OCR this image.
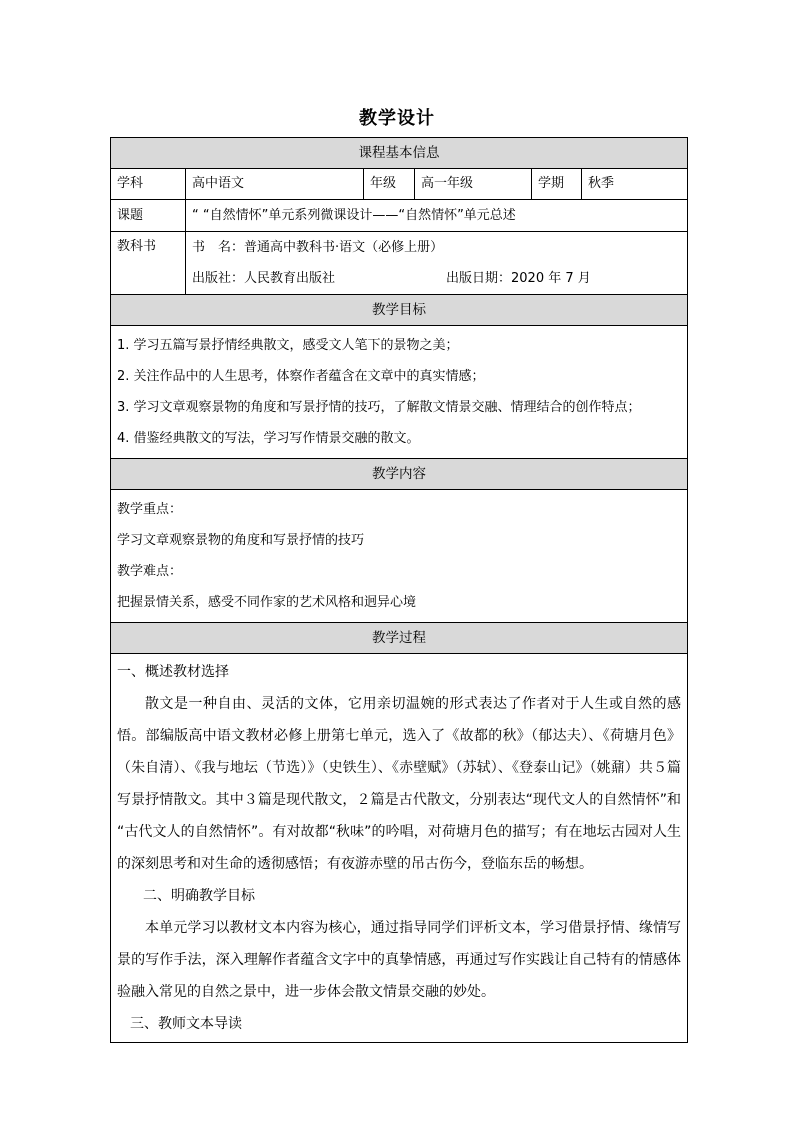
教学设计
课程基本信息					
学科	高中语文	年级	高一年级	学期	秋季
课题	“ “自然情怀”单元系列微课设计——“自然情怀”单元总述				
教科书	书　名：普通高中教科书·语文（必修上册）
出版社：人民教育出版社 出版日期：2020 年 7 月				

教学目标					

1. 学习五篇写景抒情经典散文，感受文人笔下的景物之美；
2. 关注作品中的人生思考，体察作者蕴含在文章中的真实情感；
3. 学习文章观察景物的角度和写景抒情的技巧，了解散文情景交融、情理结合的创作特点；
4. 借鉴经典散文的写法，学习写作情景交融的散文。					

教学内容					

教学重点：
学习文章观察景物的角度和写景抒情的技巧
教学难点：
把握景情关系，感受不同作家的艺术风格和迥异心境					

教学过程					

一、概述教材选择
散文是一种自由、灵活的文体，它用亲切温婉的形式表达了作者对于人生或自然的感悟。部编版高中语文教材必修上册第七单元，选入了《故都的秋》（郁达夫）、《荷塘月色》（朱自清）、《我与地坛（节选）》（史铁生）、《赤壁赋》（苏轼）、《登泰山记》（姚鼐）共５篇写景抒情散文。其中３篇是现代散文，２篇是古代散文，分别表达“现代文人的自然情怀”和 “古代文人的自然情怀”。有对故都“秋味”的吟唱，对荷塘月色的描写；有在地坛古园对人生的深刻思考和对生命的透彻感悟；有夜游赤壁的吊古伤今，登临东岳的畅想。
二、明确教学目标
本单元学习以教材文本内容为核心，通过指导同学们评析文本，学习借景抒情、缘情写景的写作手法，深入理解作者蕴含文字中的真挚情感，再通过写作实践让自己特有的情感体验融入常见的自然之景中，进一步体会散文情景交融的妙处。
三、教师文本导读					
